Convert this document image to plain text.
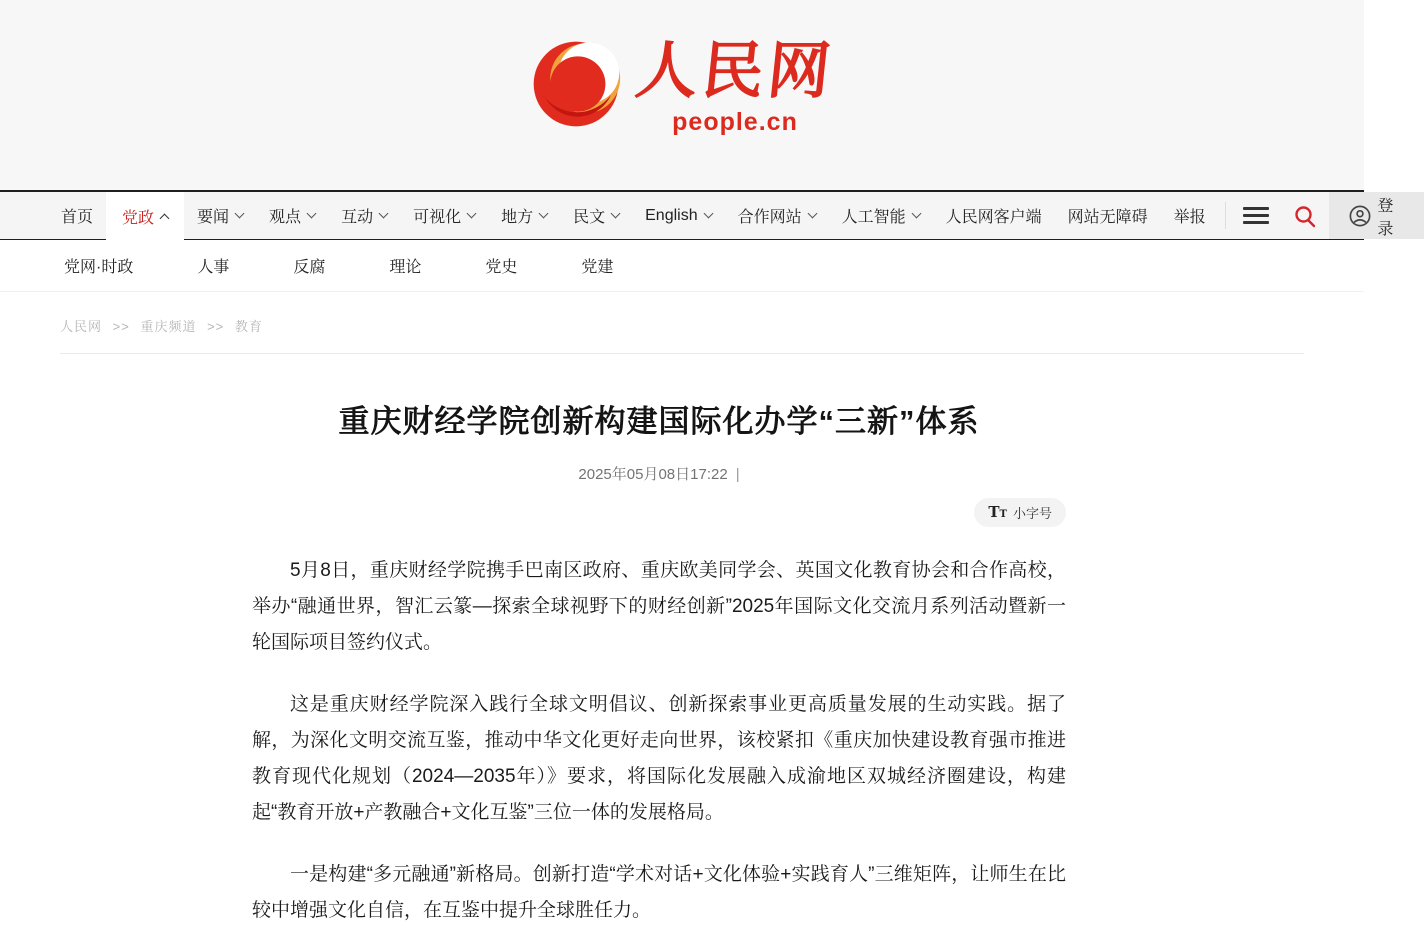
人民网
people.cn
首页 党政	要闻	观点	互动	可视化	地方	民文	English	合作网站	人工智能	人民网客户端 网站无障碍 举报
登录
党网·时政	人事	反腐	理论	党史	党建
人民网 >> 重庆频道 >> 教育
重庆财经学院创新构建国际化办学“三新”体系
2025年05月08日17:22 |
TT 小字号

5月8日，重庆财经学院携手巴南区政府、重庆欧美同学会、英国文化教育协会和合作高校，举办“融通世界，智汇云篆—探索全球视野下的财经创新”2025年国际文化交流月系列活动暨新一轮国际项目签约仪式。

这是重庆财经学院深入践行全球文明倡议、创新探索事业更高质量发展的生动实践。据了解，为深化文明交流互鉴，推动中华文化更好走向世界，该校紧扣《重庆加快建设教育强市推进教育现代化规划（2024—2035年）》要求，将国际化发展融入成渝地区双城经济圈建设，构建起“教育开放+产教融合+文化互鉴”三位一体的发展格局。

一是构建“多元融通”新格局。创新打造“学术对话+文化体验+实践育人”三维矩阵，让师生在比较中增强文化自信，在互鉴中提升全球胜任力。
